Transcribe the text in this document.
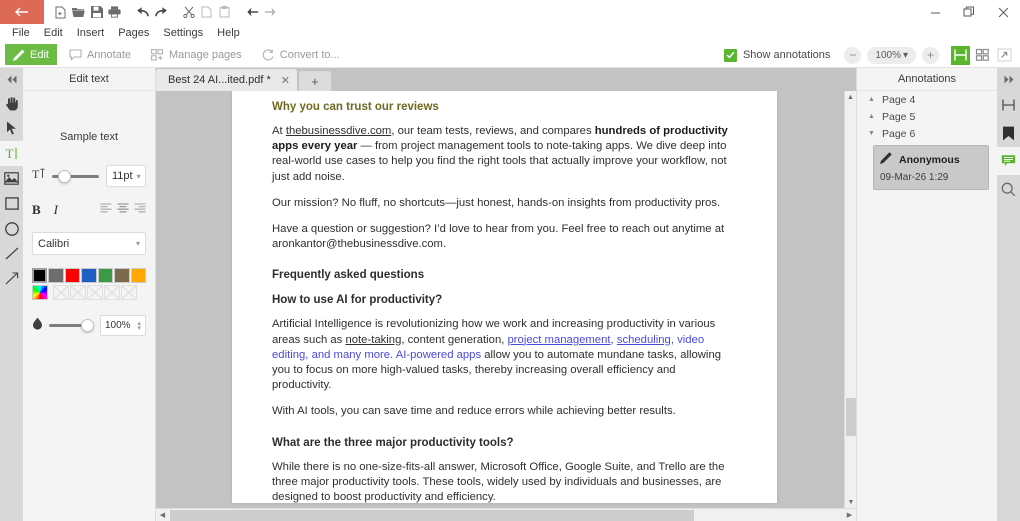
File	Edit	Insert	Pages	Settings	Help
Edit	Annotate	Manage pages	Convert to...	Show annotations	−	100% ▾	+
T
Edit text
Sample text
T	11pt ▾
B I
Calibri	▾
100% ▴
▾
Best 24 AI...ited.pdf * ✕	+
Why you can trust our reviews
At thebusinessdive.com, our team tests, reviews, and compares hundreds of productivity apps every year — from project management tools to note-taking apps. We dive deep into real-world use cases to help you find the right tools that actually improve your workflow, not just add noise.
Our mission? No fluff, no shortcuts—just honest, hands-on insights from productivity pros.
Have a question or suggestion? I’d love to hear from you. Feel free to reach out anytime at aronkantor@thebusinessdive.com.
Frequently asked questions
How to use AI for productivity?
Artificial Intelligence is revolutionizing how we work and increasing productivity in various areas such as note-taking, content generation, project management, scheduling, video editing, and many more. AI-powered apps allow you to automate mundane tasks, allowing you to focus on more high-valued tasks, thereby increasing overall efficiency and productivity.
With AI tools, you can save time and reduce errors while achieving better results.
What are the three major productivity tools?
While there is no one-size-fits-all answer, Microsoft Office, Google Suite, and Trello are the three major productivity tools. These tools, widely used by individuals and businesses, are designed to boost productivity and efficiency.
▲
▼
◀	▶
Annotations
▲ Page 4
▲ Page 5
▼ Page 6
Anonymous
09-Mar-26 1:29
